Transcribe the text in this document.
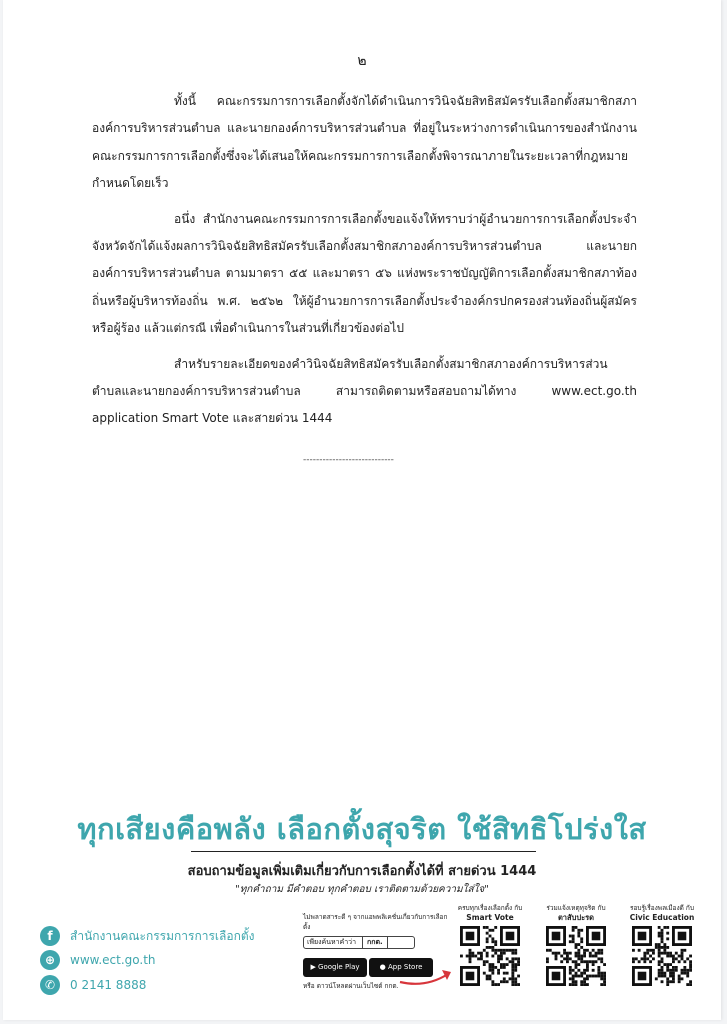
๒

ทั้งนี้ คณะกรรมการการเลือกตั้งจักได้ดำเนินการวินิจฉัยสิทธิสมัครรับเลือกตั้งสมาชิกสภาองค์การบริหารส่วนตำบล และนายกองค์การบริหารส่วนตำบล ที่อยู่ในระหว่างการดำเนินการของสำนักงานคณะกรรมการการเลือกตั้งซึ่งจะได้เสนอให้คณะกรรมการการเลือกตั้งพิจารณาภายในระยะเวลาที่กฎหมายกำหนดโดยเร็ว

อนึ่ง สำนักงานคณะกรรมการการเลือกตั้งขอแจ้งให้ทราบว่าผู้อำนวยการการเลือกตั้งประจำจังหวัดจักได้แจ้งผลการวินิจฉัยสิทธิสมัครรับเลือกตั้งสมาชิกสภาองค์การบริหารส่วนตำบล และนายกองค์การบริหารส่วนตำบล ตามมาตรา ๕๕ และมาตรา ๕๖ แห่งพระราชบัญญัติการเลือกตั้งสมาชิกสภาท้องถิ่นหรือผู้บริหารท้องถิ่น พ.ศ. ๒๕๖๒ ให้ผู้อำนวยการการเลือกตั้งประจำองค์กรปกครองส่วนท้องถิ่นผู้สมัคร หรือผู้ร้อง แล้วแต่กรณี เพื่อดำเนินการในส่วนที่เกี่ยวข้องต่อไป

สำหรับรายละเอียดของคำวินิจฉัยสิทธิสมัครรับเลือกตั้งสมาชิกสภาองค์การบริหารส่วนตำบลและนายกองค์การบริหารส่วนตำบล สามารถติดตามหรือสอบถามได้ทาง www.ect.go.th application Smart Vote และสายด่วน 1444

----------------------------
ทุกเสียงคือพลัง เลือกตั้งสุจริต ใช้สิทธิโปร่งใส
สอบถามข้อมูลเพิ่มเติมเกี่ยวกับการเลือกตั้งได้ที่ สายด่วน 1444
"ทุกคำถาม มีคำตอบ ทุกคำตอบ เราติดตามด้วยความใส่ใจ"
f	สำนักงานคณะกรรมการการเลือกตั้ง
⊕	www.ect.go.th
✆	0 2141 8888
ไม่พลาดสาระดี ๆ จากแอพพลิเคชั่นเกี่ยวกับการเลือกตั้ง
เพียงค้นหาคำว่า	กกต.
▶ Google Play	● App Store
หรือ ดาวน์โหลดผ่านเว็บไซต์ กกต.
ครบทุกเรื่องเลือกตั้ง กับ
Smart Vote
ร่วมแจ้งเหตุทุจริต กับ
ตาสับปะรด
รอบรู้เรื่องพลเมืองดี กับ
Civic Education
